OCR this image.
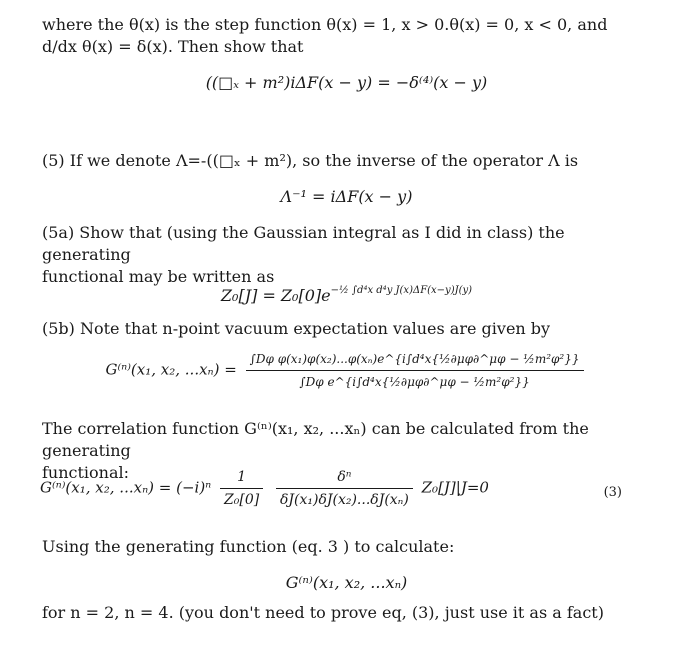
where the θ(x) is the step function θ(x) = 1, x > 0.θ(x) = 0, x < 0, and
d/dx θ(x) = δ(x). Then show that

((□ₓ + m²)iΔF(x − y) = −δ⁽⁴⁾(x − y)

(5) If we denote Λ=-((□ₓ + m²), so the inverse of the operator Λ is

Λ⁻¹ = iΔF(x − y)

(5a) Show that (using the Gaussian integral as I did in class) the generating
functional may be written as

$Z_0[J] = Z_0[0]e^{-\frac{1}{2} \int d^4x d^4y J(x)\Delta F(x-y)J(y)}$

(5b) Note that n-point vacuum expectation values are given by

G⁽ⁿ⁾(x₁, x₂, $...x_n) = \frac{\text{∫Dφ φ(x₁)φ(x₂)...φ(xₙ)e\textasciicircum{}\{i∫d⁴x\{½∂μφ∂\textasciicircum{}μφ − ½m²φ²\}\}}}{\text{∫Dφ e\textasciicircum{}\{i∫d⁴x\{½∂μφ∂\textasciicircum{}μφ − ½m²φ²\}\}}}$

The correlation function G⁽ⁿ⁾(x₁, x₂, ...xₙ) can be calculated from the generating
functional:

G⁽ⁿ⁾(x₁, x₂, $...x_n) = (-i)^n \frac{1}{\text{Z₀[0]}}$
$\frac{\text{δⁿ}}{\text{δJ(x₁)δJ(x₂)...δJ(xₙ)}} Z_0[J]|J=0$	(3)

Using the generating function (eq. 3 ) to calculate:

G⁽ⁿ⁾(x₁, x₂, ...xₙ)

for n = 2, n = 4. (you don't need to prove eq, (3), just use it as a fact)
